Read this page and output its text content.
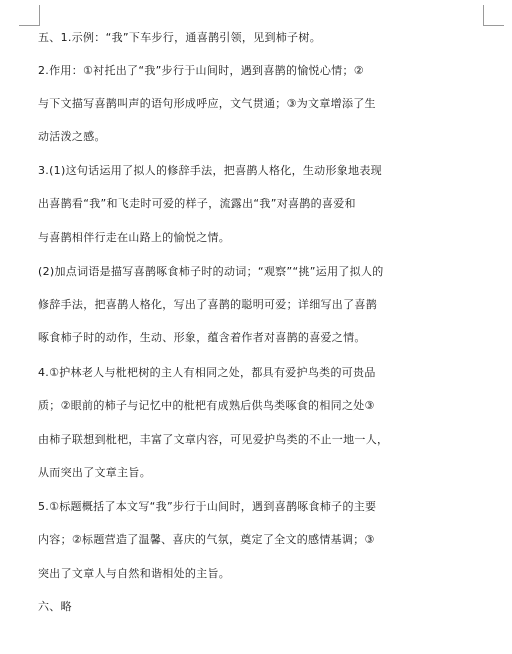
五、1.示例：“我”下车步行，通喜鹊引领，见到柿子树。
2.作用：①衬托出了“我”步行于山间时，遇到喜鹊的愉悦心情；②
与下文描写喜鹊叫声的语句形成呼应，文气贯通；③为文章增添了生
动活泼之感。
3.(1)这句话运用了拟人的修辞手法，把喜鹊人格化，生动形象地表现
出喜鹊看“我”和飞走时可爱的样子，流露出“我”对喜鹊的喜爱和
与喜鹊相伴行走在山路上的愉悦之情。
(2)加点词语是描写喜鹊啄食柿子时的动词；“观察”“挑”运用了拟人的
修辞手法，把喜鹊人格化，写出了喜鹊的聪明可爱；详细写出了喜鹊
啄食柿子时的动作，生动、形象，蕴含着作者对喜鹊的喜爱之情。
4.①护林老人与枇杷树的主人有相同之处，都具有爱护鸟类的可贵品
质；②眼前的柿子与记忆中的枇杷有成熟后供鸟类啄食的相同之处③
由柿子联想到枇杷，丰富了文章内容，可见爱护鸟类的不止一地一人，
从而突出了文章主旨。
5.①标题概括了本文写“我”步行于山间时，遇到喜鹊啄食柿子的主要
内容；②标题营造了温馨、喜庆的气氛，奠定了全文的感情基调；③
突出了文章人与自然和谐相处的主旨。
六、略
